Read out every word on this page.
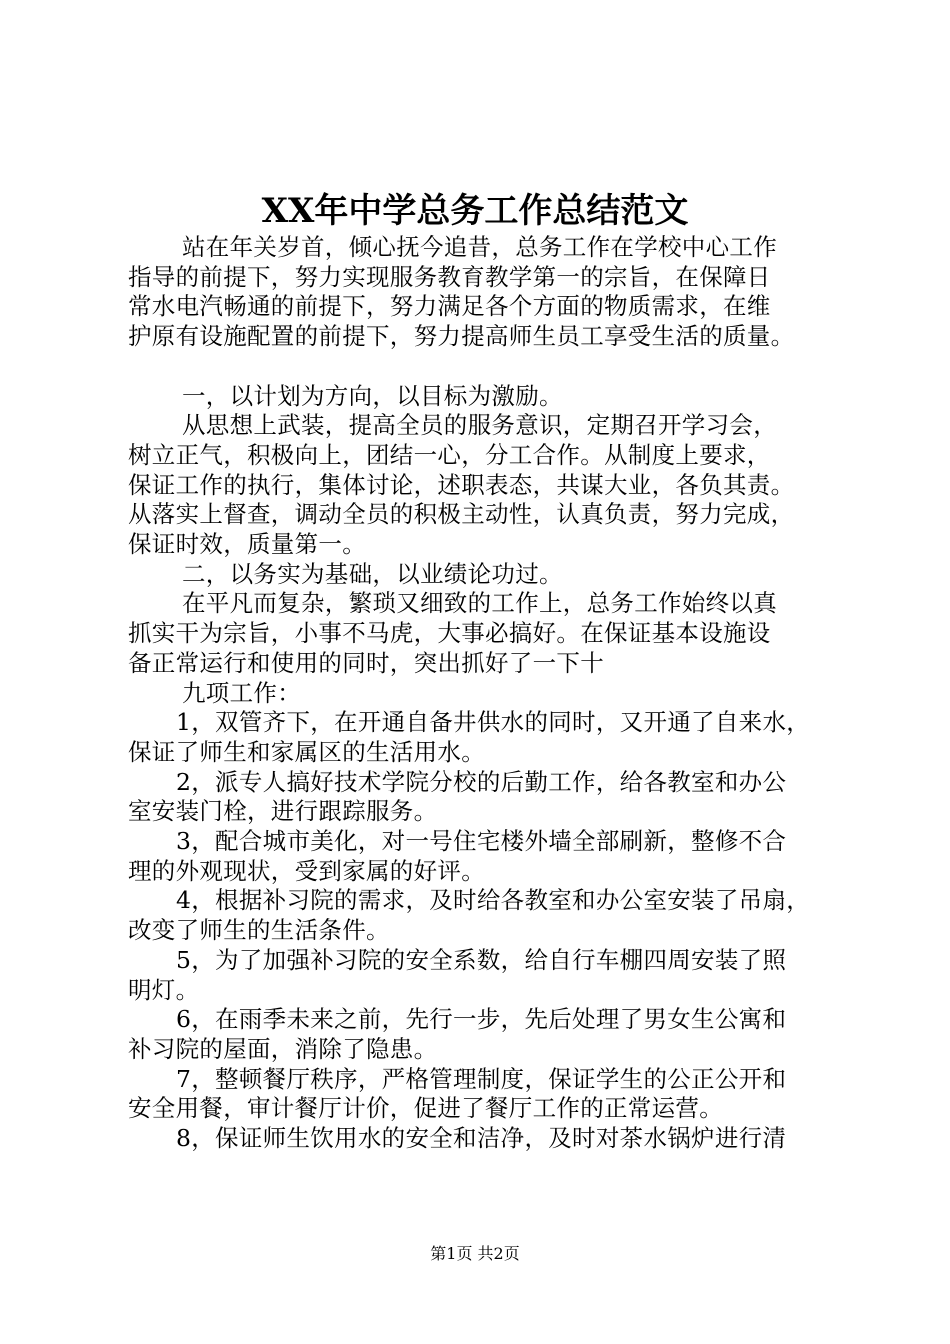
XX年中学总务工作总结范文
站在年关岁首，倾心抚今追昔，总务工作在学校中心工作
指导的前提下，努力实现服务教育教学第一的宗旨，在保障日
常水电汽畅通的前提下，努力满足各个方面的物质需求，在维
护原有设施配置的前提下，努力提高师生员工享受生活的质量。
一，以计划为方向，以目标为激励。
从思想上武装，提高全员的服务意识，定期召开学习会，
树立正气，积极向上，团结一心，分工合作。从制度上要求，
保证工作的执行，集体讨论，述职表态，共谋大业，各负其责。
从落实上督查，调动全员的积极主动性，认真负责，努力完成，
保证时效，质量第一。
二，以务实为基础，以业绩论功过。
在平凡而复杂，繁琐又细致的工作上，总务工作始终以真
抓实干为宗旨，小事不马虎，大事必搞好。在保证基本设施设
备正常运行和使用的同时，突出抓好了一下十
九项工作：
1，双管齐下，在开通自备井供水的同时，又开通了自来水，
保证了师生和家属区的生活用水。
2，派专人搞好技术学院分校的后勤工作，给各教室和办公
室安装门栓，进行跟踪服务。
3，配合城市美化，对一号住宅楼外墙全部刷新，整修不合
理的外观现状，受到家属的好评。
4，根据补习院的需求，及时给各教室和办公室安装了吊扇，
改变了师生的生活条件。
5，为了加强补习院的安全系数，给自行车棚四周安装了照
明灯。
6，在雨季未来之前，先行一步，先后处理了男女生公寓和
补习院的屋面，消除了隐患。
7，整顿餐厅秩序，严格管理制度，保证学生的公正公开和
安全用餐，审计餐厅计价，促进了餐厅工作的正常运营。
8，保证师生饮用水的安全和洁净，及时对茶水锅炉进行清
第1页 共2页
